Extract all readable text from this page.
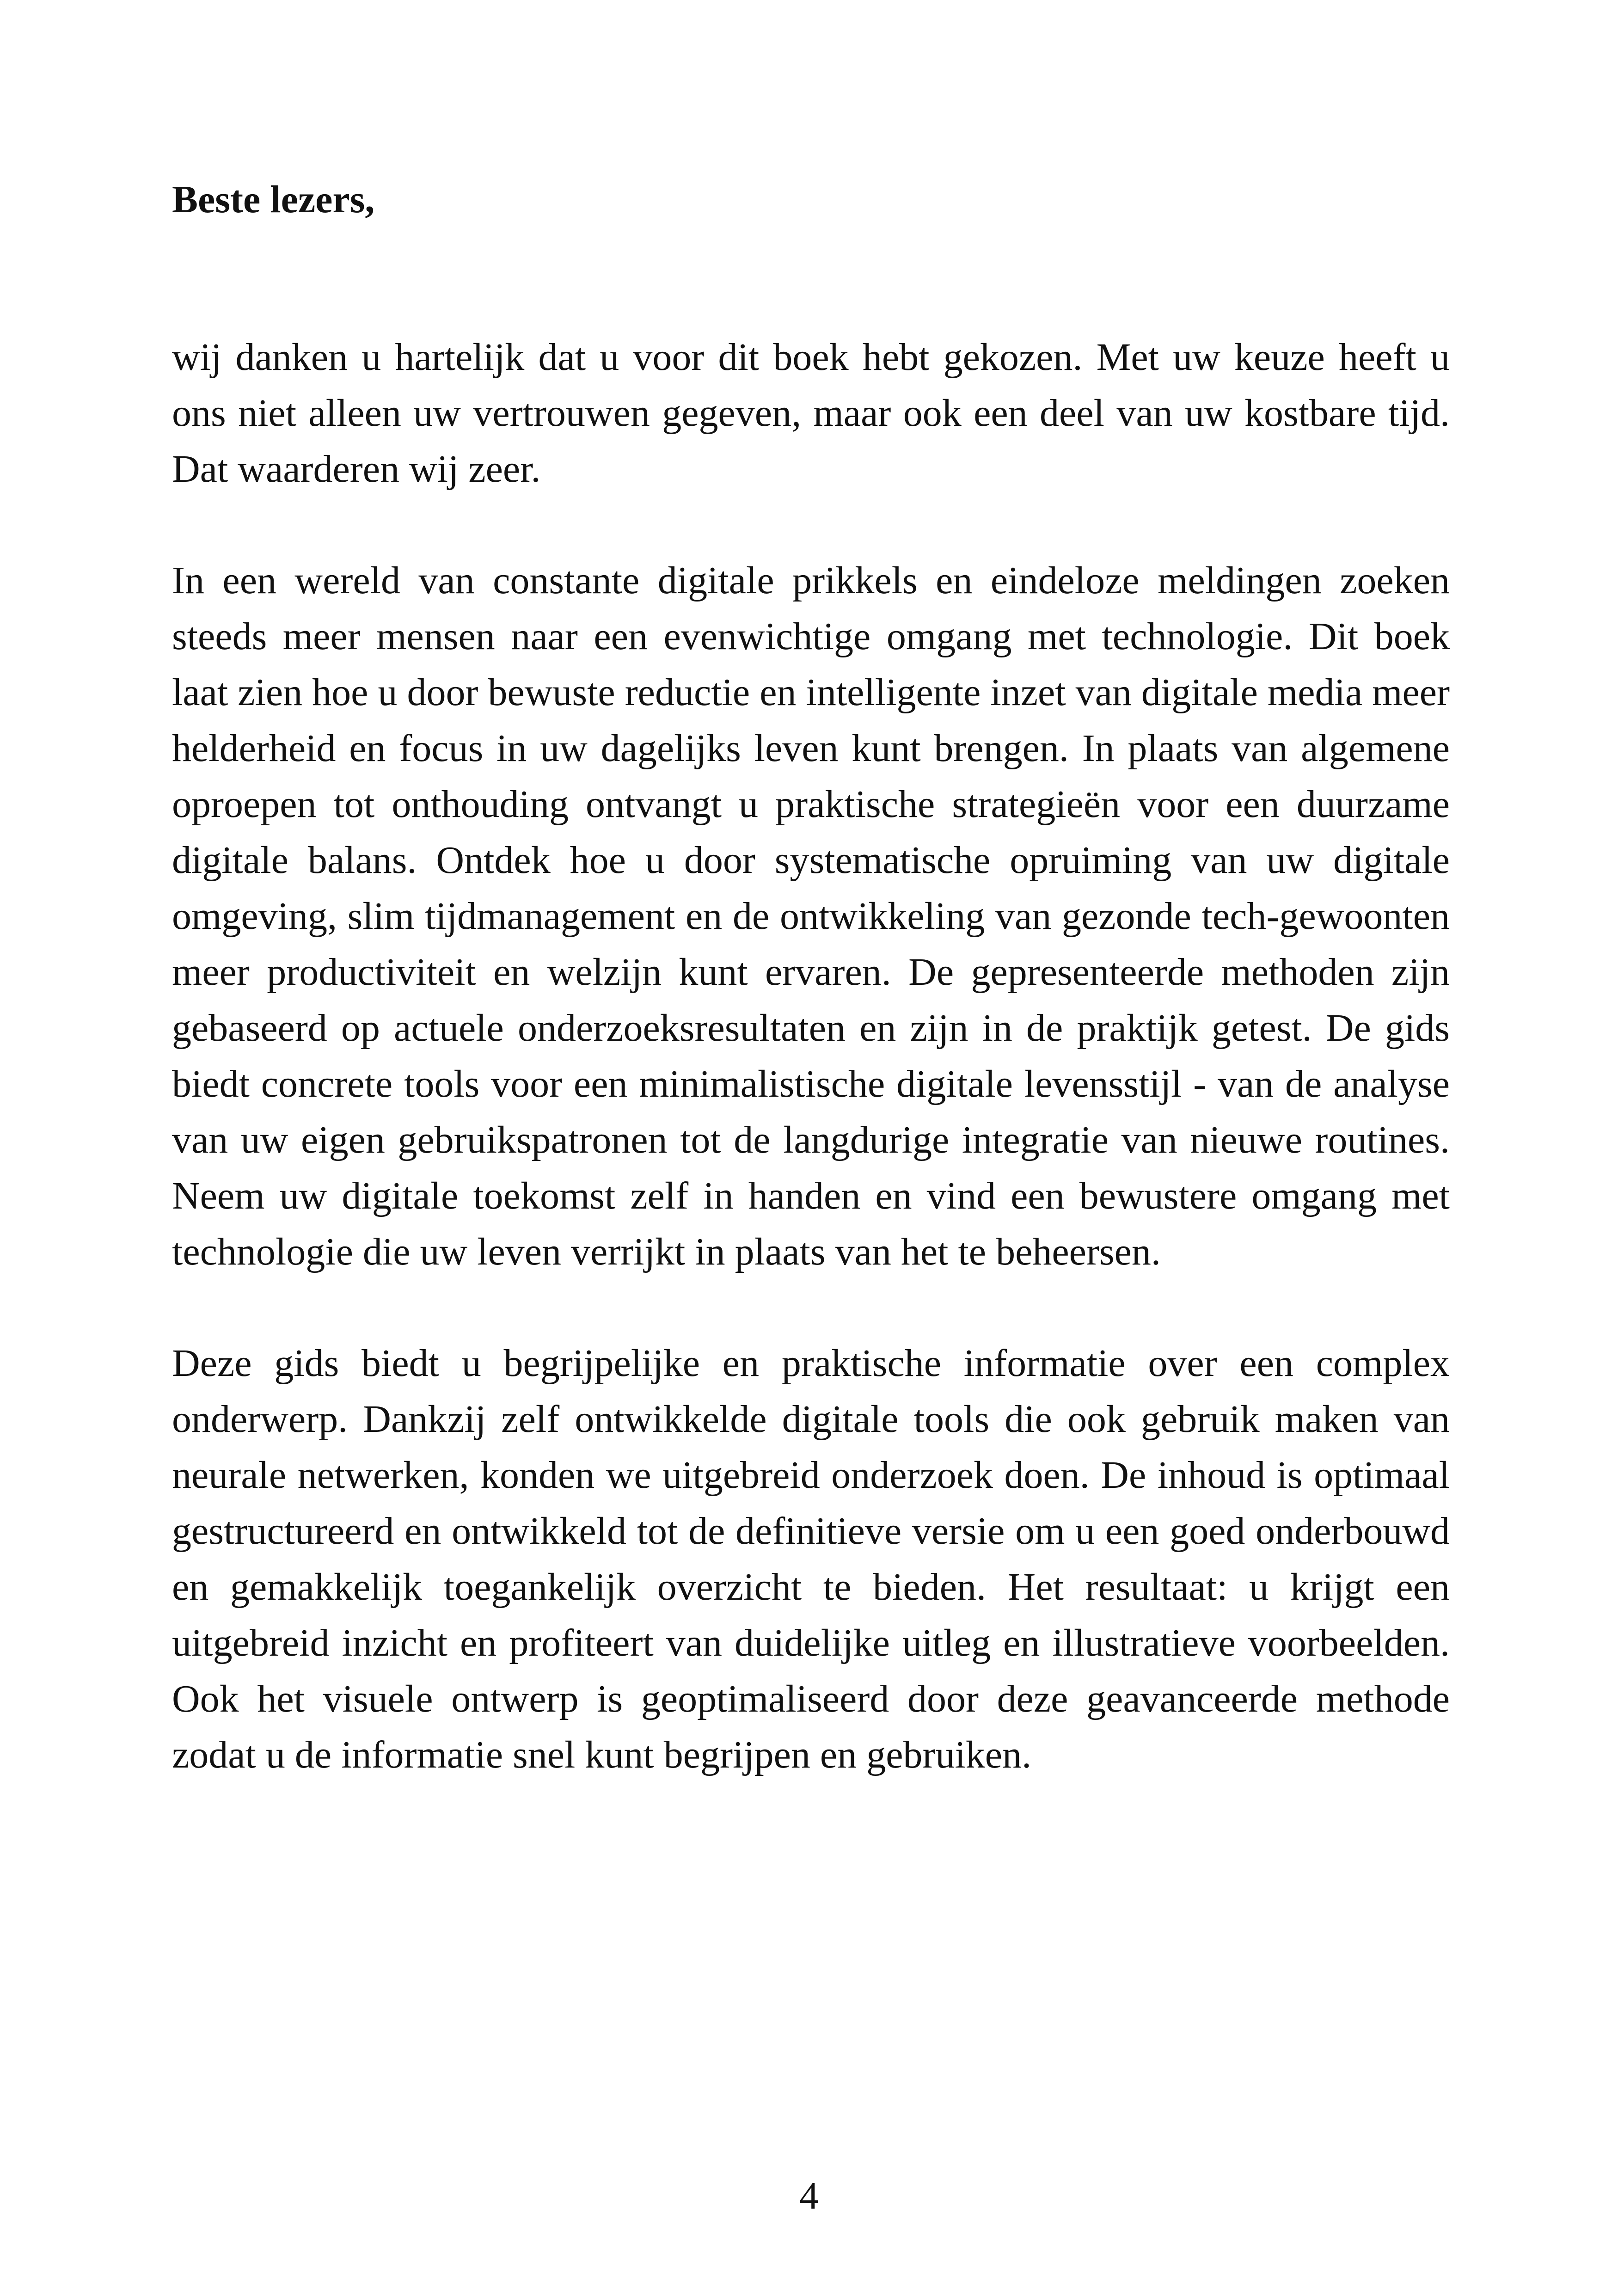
Beste lezers,

wij danken u hartelijk dat u voor dit boek hebt gekozen. Met uw keuze heeft u ons niet alleen uw vertrouwen gegeven, maar ook een deel van uw kostbare tijd. Dat waarderen wij zeer.

In een wereld van constante digitale prikkels en eindeloze meldingen zoeken steeds meer mensen naar een evenwichtige omgang met technologie. Dit boek laat zien hoe u door bewuste reductie en intelligente inzet van digitale media meer helderheid en focus in uw dagelijks leven kunt brengen. In plaats van algemene oproepen tot onthouding ontvangt u praktische strategieën voor een duurzame digitale balans. Ontdek hoe u door systematische opruiming van uw digitale omgeving, slim tijdmanagement en de ontwikkeling van gezonde tech-gewoonten meer productiviteit en welzijn kunt ervaren. De gepresenteerde methoden zijn gebaseerd op actuele onderzoeksresultaten en zijn in de praktijk getest. De gids biedt concrete tools voor een minimalistische digitale levensstijl - van de analyse van uw eigen gebruikspatronen tot de langdurige integratie van nieuwe routines. Neem uw digitale toekomst zelf in handen en vind een bewustere omgang met technologie die uw leven verrijkt in plaats van het te beheersen.

Deze gids biedt u begrijpelijke en praktische informatie over een complex onderwerp. Dankzij zelf ontwikkelde digitale tools die ook gebruik maken van neurale netwerken, konden we uitgebreid onderzoek doen. De inhoud is optimaal gestructureerd en ontwikkeld tot de definitieve versie om u een goed onderbouwd en gemakkelijk toegankelijk overzicht te bieden. Het resultaat: u krijgt een uitgebreid inzicht en profiteert van duidelijke uitleg en illustratieve voorbeelden. Ook het visuele ontwerp is geoptimaliseerd door deze geavanceerde methode zodat u de informatie snel kunt begrijpen en gebruiken.

4
